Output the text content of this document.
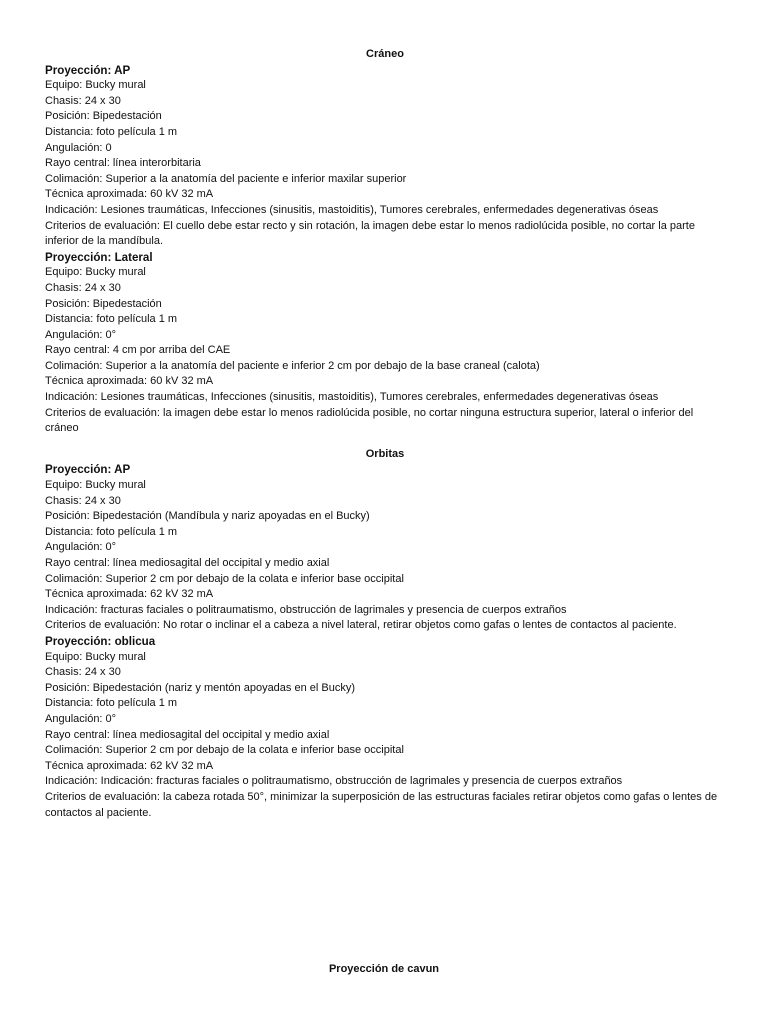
Cráneo

Proyección: AP

Equipo: Bucky mural

Chasis: 24 x 30

Posición: Bipedestación

Distancia: foto película 1 m

Angulación: 0

Rayo central: línea interorbitaria

Colimación: Superior a la anatomía del paciente e inferior maxilar superior

Técnica aproximada: 60 kV 32 mA

Indicación: Lesiones traumáticas, Infecciones (sinusitis, mastoiditis), Tumores cerebrales, enfermedades degenerativas óseas

Criterios de evaluación: El cuello debe estar recto y sin rotación, la imagen debe estar lo menos radiolúcida posible, no cortar la parte inferior de la mandíbula.

Proyección: Lateral

Equipo: Bucky mural

Chasis: 24 x 30

Posición: Bipedestación

Distancia: foto película 1 m

Angulación: 0°

Rayo central: 4 cm por arriba del CAE

Colimación: Superior a la anatomía del paciente e inferior 2 cm por debajo de la base craneal (calota)

Técnica aproximada: 60 kV 32 mA

Indicación: Lesiones traumáticas, Infecciones (sinusitis, mastoiditis), Tumores cerebrales, enfermedades degenerativas óseas

Criterios de evaluación: la imagen debe estar lo menos radiolúcida posible, no cortar ninguna estructura superior, lateral o inferior del cráneo

Orbitas

Proyección: AP

Equipo: Bucky mural

Chasis: 24 x 30

Posición: Bipedestación (Mandíbula y nariz apoyadas en el Bucky)

Distancia: foto película 1 m

Angulación: 0°

Rayo central: línea mediosagital del occipital y medio axial

Colimación: Superior 2 cm por debajo de la colata e inferior base occipital

Técnica aproximada: 62 kV 32 mA

Indicación: fracturas faciales o politraumatismo, obstrucción de lagrimales y presencia de cuerpos extraños

Criterios de evaluación: No rotar o inclinar el a cabeza a nivel lateral, retirar objetos como gafas o lentes de contactos al paciente.

Proyección: oblicua

Equipo: Bucky mural

Chasis: 24 x 30

Posición: Bipedestación (nariz y mentón apoyadas en el Bucky)

Distancia: foto película 1 m

Angulación: 0°

Rayo central: línea mediosagital del occipital y medio axial

Colimación: Superior 2 cm por debajo de la colata e inferior base occipital

Técnica aproximada: 62 kV 32 mA

Indicación: Indicación: fracturas faciales o politraumatismo, obstrucción de lagrimales y presencia de cuerpos extraños

Criterios de evaluación: la cabeza rotada 50°, minimizar la superposición de las estructuras faciales retirar objetos como gafas o lentes de contactos al paciente.

Proyección de cavun
